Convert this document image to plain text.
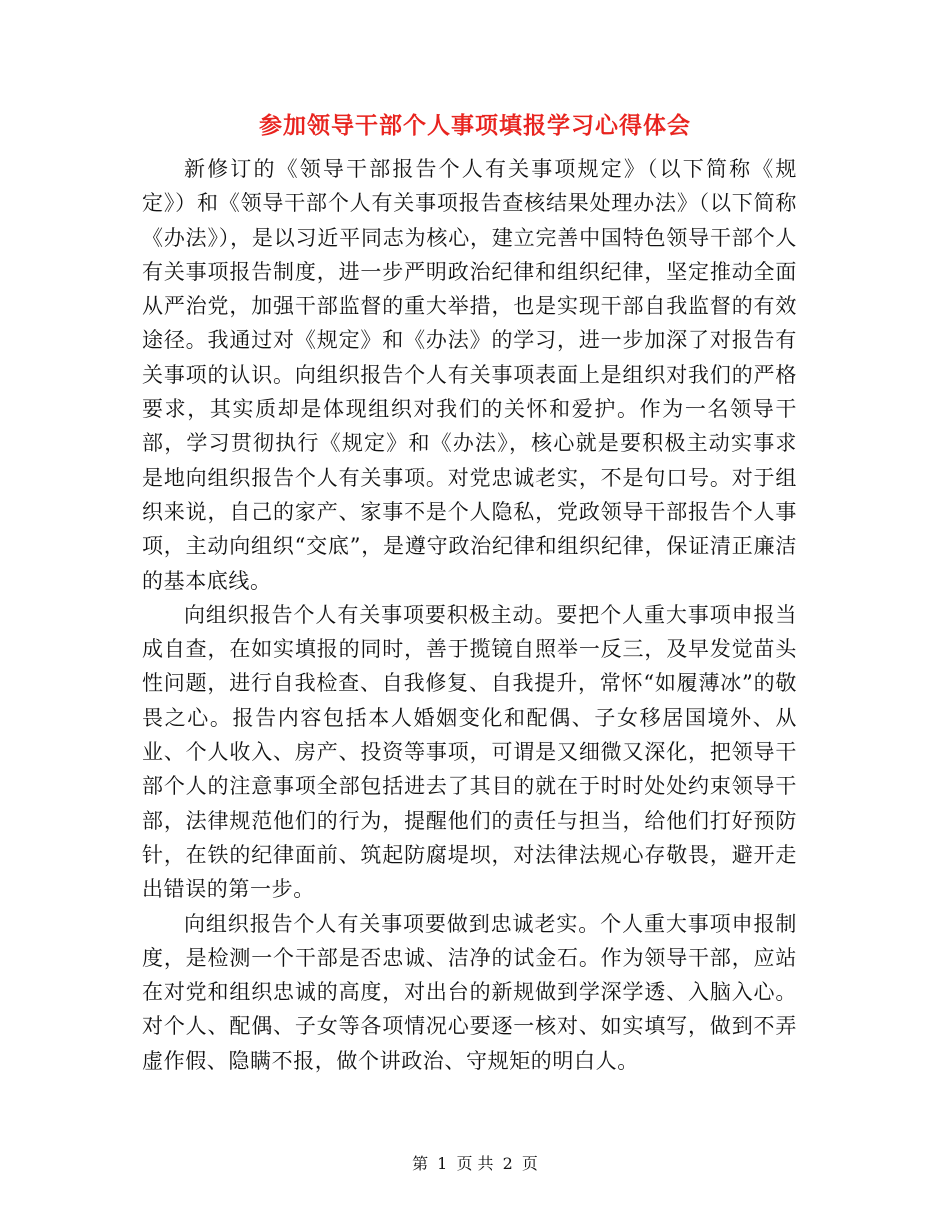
参加领导干部个人事项填报学习心得体会

新修订的《领导干部报告个人有关事项规定》（以下简称《规定》）和《领导干部个人有关事项报告查核结果处理办法》（以下简称《办法》），是以习近平同志为核心，建立完善中国特色领导干部个人有关事项报告制度，进一步严明政治纪律和组织纪律，坚定推动全面从严治党，加强干部监督的重大举措，也是实现干部自我监督的有效途径。我通过对《规定》和《办法》的学习，进一步加深了对报告有关事项的认识。向组织报告个人有关事项表面上是组织对我们的严格要求，其实质却是体现组织对我们的关怀和爱护。作为一名领导干部，学习贯彻执行《规定》和《办法》，核心就是要积极主动实事求是地向组织报告个人有关事项。对党忠诚老实，不是句口号。对于组织来说，自己的家产、家事不是个人隐私，党政领导干部报告个人事项，主动向组织“交底”，是遵守政治纪律和组织纪律，保证清正廉洁的基本底线。

向组织报告个人有关事项要积极主动。要把个人重大事项申报当成自查，在如实填报的同时，善于揽镜自照举一反三，及早发觉苗头性问题，进行自我检查、自我修复、自我提升，常怀“如履薄冰”的敬畏之心。报告内容包括本人婚姻变化和配偶、子女移居国境外、从业、个人收入、房产、投资等事项，可谓是又细微又深化，把领导干部个人的注意事项全部包括进去了其目的就在于时时处处约束领导干部，法律规范他们的行为，提醒他们的责任与担当，给他们打好预防针，在铁的纪律面前、筑起防腐堤坝，对法律法规心存敬畏，避开走出错误的第一步。

向组织报告个人有关事项要做到忠诚老实。个人重大事项申报制度，是检测一个干部是否忠诚、洁净的试金石。作为领导干部，应站在对党和组织忠诚的高度，对出台的新规做到学深学透、入脑入心。对个人、配偶、子女等各项情况心要逐一核对、如实填写，做到不弄虚作假、隐瞒不报，做个讲政治、守规矩的明白人。

第 1 页 共 2 页
